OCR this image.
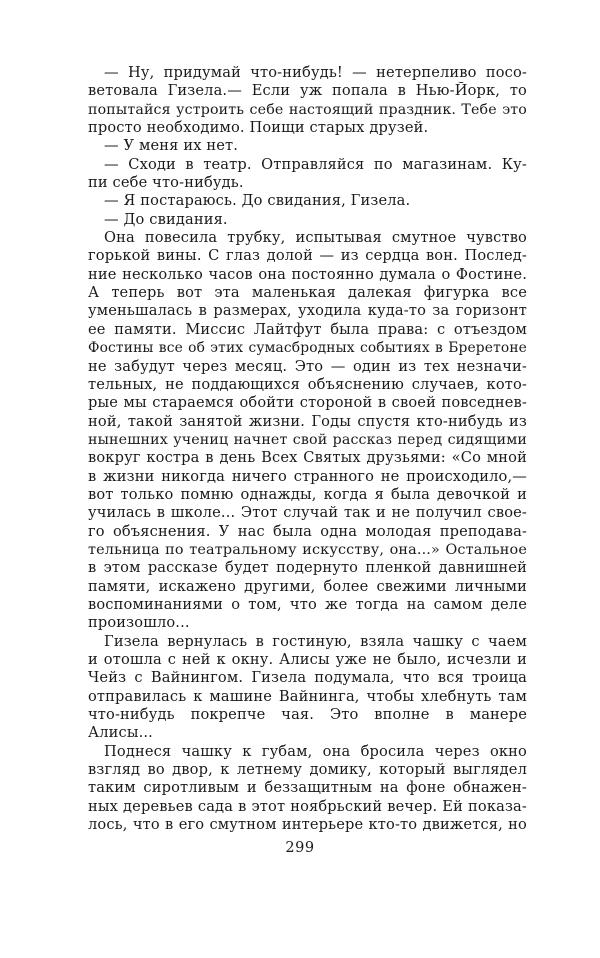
— Ну, придумай что-нибудь! — нетерпеливо посо-
ветовала Гизела.— Если уж попала в Нью-Йорк, то
попытайся устроить себе настоящий праздник. Тебе это
просто необходимо. Поищи старых друзей.
— У меня их нет.
— Сходи в театр. Отправляйся по магазинам. Ку-
пи себе что-нибудь.
— Я постараюсь. До свидания, Гизела.
— До свидания.
Она повесила трубку, испытывая смутное чувство
горькой вины. С глаз долой — из сердца вон. Послед-
ние несколько часов она постоянно думала о Фостине.
А теперь вот эта маленькая далекая фигурка все
уменьшалась в размерах, уходила куда-то за горизонт
ее памяти. Миссис Лайтфут была права: с отъездом
Фостины все об этих сумасбродных событиях в Бреретоне
не забудут через месяц. Это — один из тех незначи-
тельных, не поддающихся объяснению случаев, кото-
рые мы стараемся обойти стороной в своей повседнев-
ной, такой занятой жизни. Годы спустя кто-нибудь из
нынешних учениц начнет свой рассказ перед сидящими
вокруг костра в день Всех Святых друзьями: «Со мной
в жизни никогда ничего странного не происходило,—
вот только помню однажды, когда я была девочкой и
училась в школе... Этот случай так и не получил свое-
го объяснения. У нас была одна молодая преподава-
тельница по театральному искусству, она...» Остальное
в этом рассказе будет подернуто пленкой давнишней
памяти, искажено другими, более свежими личными
воспоминаниями о том, что же тогда на самом деле
произошло...
Гизела вернулась в гостиную, взяла чашку с чаем
и отошла с ней к окну. Алисы уже не было, исчезли и
Чейз с Вайнингом. Гизела подумала, что вся троица
отправилась к машине Вайнинга, чтобы хлебнуть там
что-нибудь покрепче чая. Это вполне в манере
Алисы...
Поднеся чашку к губам, она бросила через окно
взгляд во двор, к летнему домику, который выглядел
таким сиротливым и беззащитным на фоне обнажен-
ных деревьев сада в этот ноябрьский вечер. Ей показа-
лось, что в его смутном интерьере кто-то движется, но
299
